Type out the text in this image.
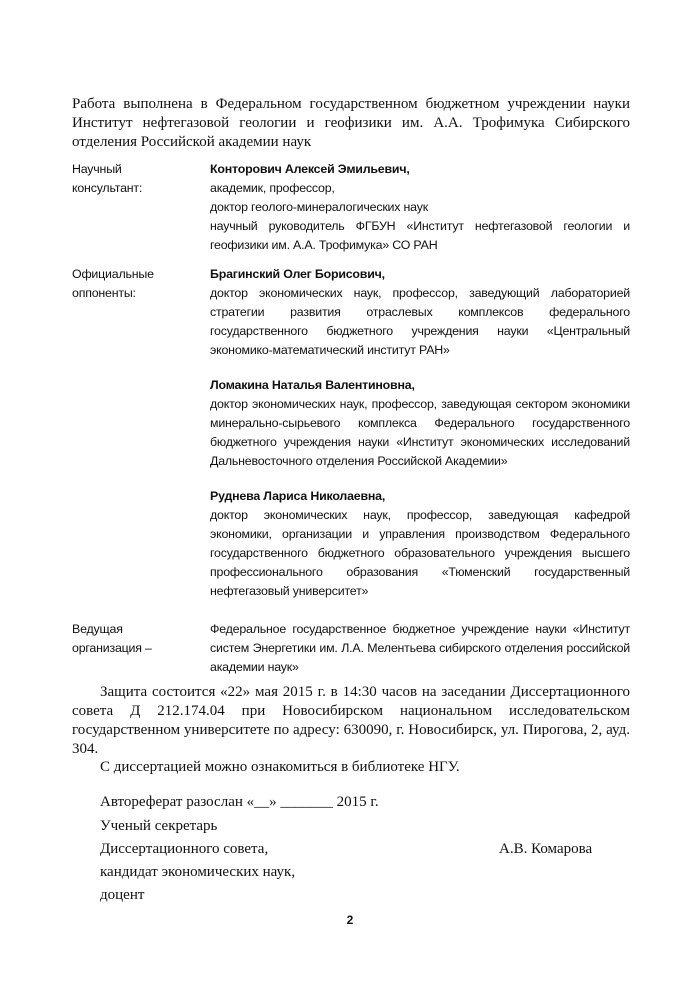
Работа выполнена в Федеральном государственном бюджетном учреждении науки Институт нефтегазовой геологии и геофизики им. А.А. Трофимука Сибирского отделения Российской академии наук
Научный
консультант:
Конторович Алексей Эмильевич,
академик, профессор,
доктор геолого-минералогических наук
научный руководитель ФГБУН «Институт нефтегазовой геологии и геофизики им. А.А. Трофимука» СО РАН
Официальные
оппоненты:
Брагинский Олег Борисович,
доктор экономических наук, профессор, заведующий лабораторией стратегии развития отраслевых комплексов федерального государственного бюджетного учреждения науки «Центральный экономико-математический институт РАН»
Ломакина Наталья Валентиновна,
доктор экономических наук, профессор, заведующая сектором экономики минерально-сырьевого комплекса Федерального государственного бюджетного учреждения науки «Институт экономических исследований Дальневосточного отделения Российской Академии»
Руднева Лариса Николаевна,
доктор экономических наук, профессор, заведующая кафедрой экономики, организации и управления производством Федерального государственного бюджетного образовательного учреждения высшего профессионального образования «Тюменский государственный нефтегазовый университет»
Ведущая
организация –
Федеральное государственное бюджетное учреждение науки «Институт систем Энергетики им. Л.А. Мелентьева сибирского отделения российской академии наук»

Защита состоится «22» мая 2015 г. в 14:30 часов на заседании Диссертационного совета Д 212.174.04 при Новосибирском национальном исследовательском государственном университете по адресу: 630090, г. Новосибирск, ул. Пирогова, 2, ауд. 304.

С диссертацией можно ознакомиться в библиотеке НГУ.
Автореферат разослан «__» _______ 2015 г.
Ученый секретарь
Диссертационного совета,
кандидат экономических наук,
доцент
А.В. Комарова
2
